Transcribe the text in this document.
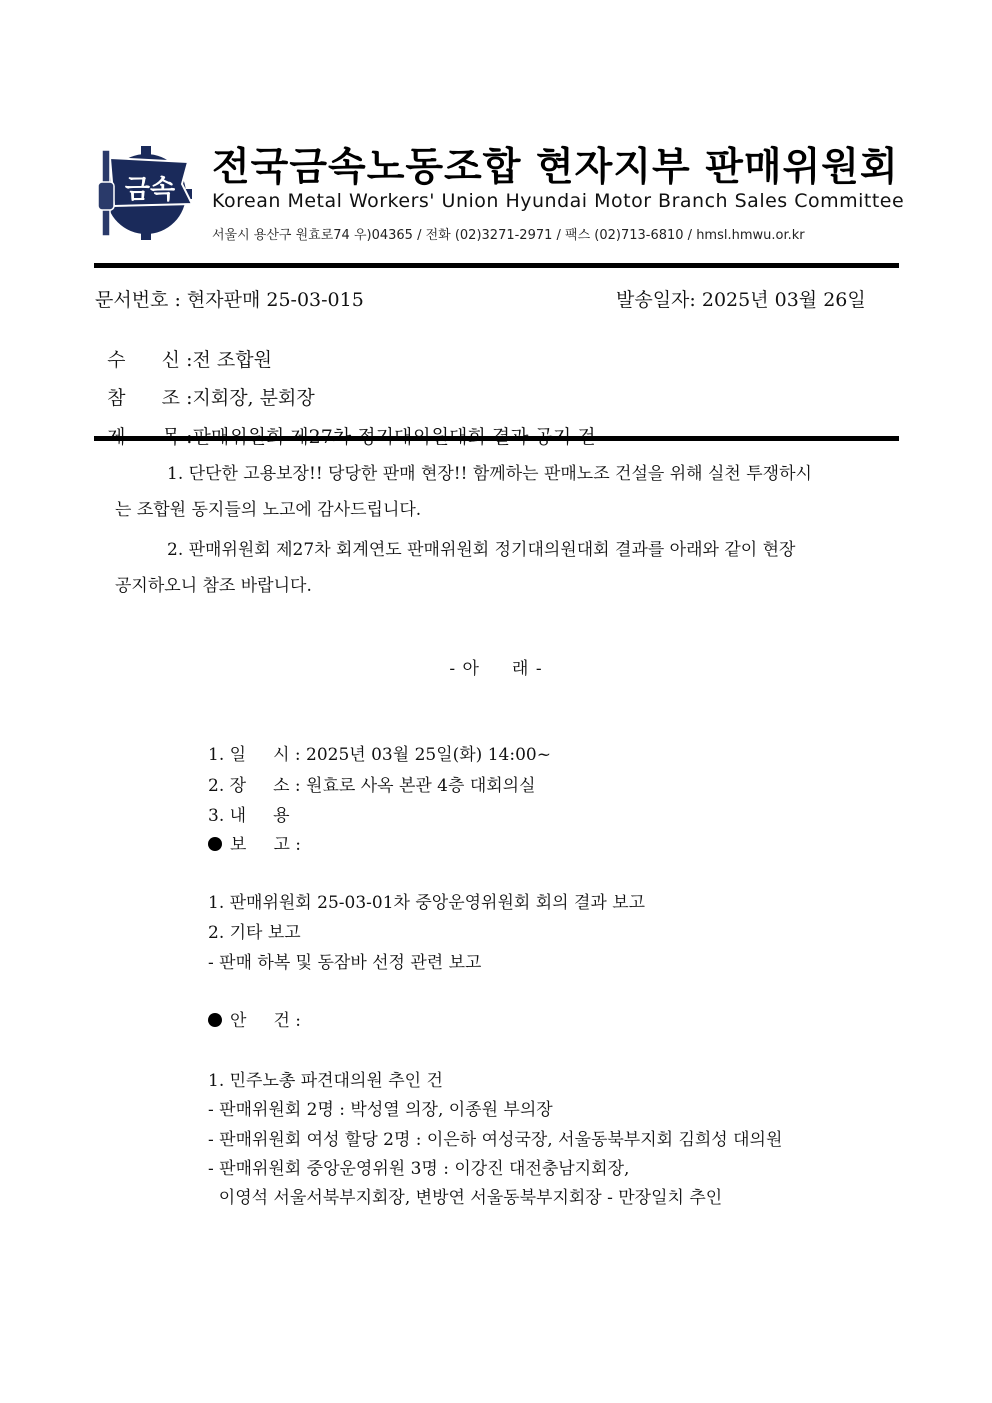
금속 전국금속노동조합 현자지부 판매위원회
Korean Metal Workers' Union Hyundai Motor Branch Sales Committee
서울시 용산구 원효로74 우)04365 / 전화 (02)3271-2971 / 팩스 (02)713-6810 / hmsl.hmwu.or.kr
문서번호 : 현자판매 25-03-015	발송일자: 2025년 03월 26일

수      신 :전 조합원

참      조 :지회장, 분회장

1. 단단한 고용보장!! 당당한 판매 현장!! 함께하는 판매노조 건설을 위해 실천 투쟁하시
는 조합원 동지들의 노고에 감사드립니다.
2. 판매위원회 제27차 회계연도 판매위원회 정기대의원대회 결과를 아래와 같이 현장
공지하오니 참조 바랍니다.
- 아     래 -
1. 일     시 : 2025년 03월 25일(화) 14:00~
2. 장     소 : 원효로 사옥 본관 4층 대회의실
3. 내     용
보     고 :
1. 판매위원회 25-03-01차 중앙운영위원회 회의 결과 보고
2. 기타 보고
- 판매 하복 및 동잠바 선정 관련 보고
안     건 :
1. 민주노총 파견대의원 추인 건
- 판매위원회 2명 : 박성열 의장, 이종원 부의장
- 판매위원회 여성 할당 2명 : 이은하 여성국장, 서울동북부지회 김희성 대의원
- 판매위원회 중앙운영위원 3명 : 이강진 대전충남지회장,
이영석 서울서북부지회장, 변방연 서울동북부지회장 - 만장일치 추인
